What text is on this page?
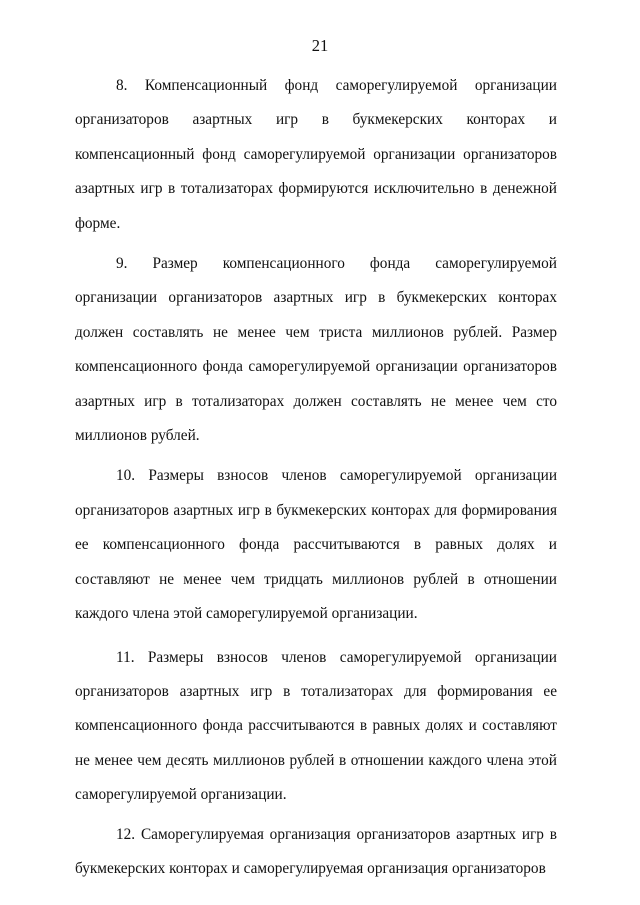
21

8. Компенсационный фонд саморегулируемой организации организаторов азартных игр в букмекерских конторах и компенсационный фонд саморегулируемой организации организаторов азартных игр в тотализаторах формируются исключительно в денежной форме.

9. Размер компенсационного фонда саморегулируемой организации организаторов азартных игр в букмекерских конторах должен составлять не менее чем триста миллионов рублей. Размер компенсационного фонда саморегулируемой организации организаторов азартных игр в тотализаторах должен составлять не менее чем сто миллионов рублей.

10. Размеры взносов членов саморегулируемой организации организаторов азартных игр в букмекерских конторах для формирования ее компенсационного фонда рассчитываются в равных долях и составляют не менее чем тридцать миллионов рублей в отношении каждого члена этой саморегулируемой организации.

11. Размеры взносов членов саморегулируемой организации организаторов азартных игр в тотализаторах для формирования ее компенсационного фонда рассчитываются в равных долях и составляют не менее чем десять миллионов рублей в отношении каждого члена этой саморегулируемой организации.

12. Саморегулируемая организация организаторов азартных игр в букмекерских конторах и саморегулируемая организация организаторов
